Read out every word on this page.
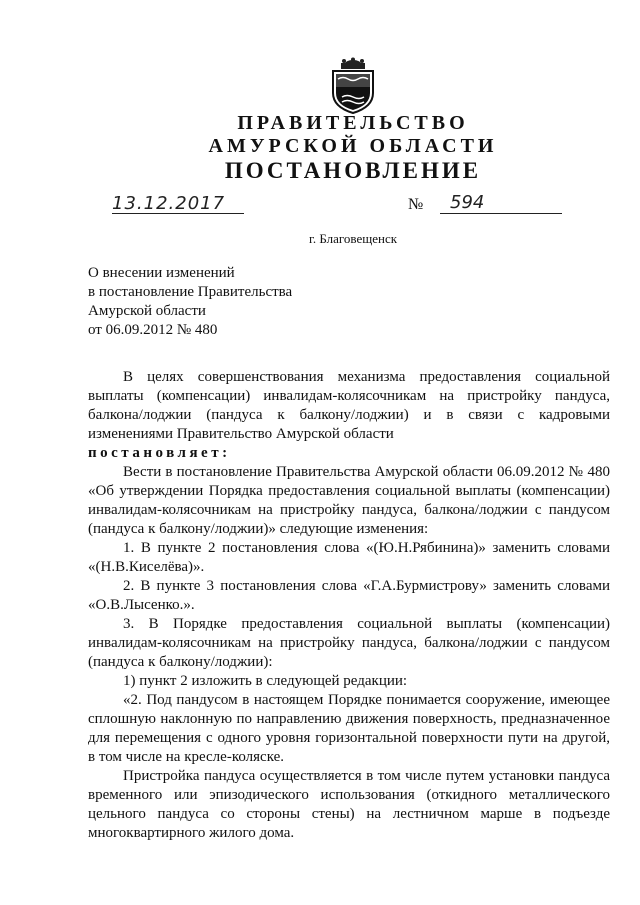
ПРАВИТЕЛЬСТВО
АМУРСКОЙ ОБЛАСТИ
ПОСТАНОВЛЕНИЕ
13.12.2017	№ 594
г. Благовещенск
О внесении изменений
в постановление Правительства
Амурской области
от 06.09.2012 № 480

В целях совершенствования механизма предоставления социальной выплаты (компенсации) инвалидам-колясочникам на пристройку пандуса, балкона/лоджии (пандуса к балкону/лоджии) и в связи с кадровыми изменениями Правительство Амурской области

постановляет:

Вести в постановление Правительства Амурской области 06.09.2012 № 480 «Об утверждении Порядка предоставления социальной выплаты (компенсации) инвалидам-колясочникам на пристройку пандуса, балкона/лоджии с пандусом (пандуса к балкону/лоджии)» следующие изменения:

1. В пункте 2 постановления слова «(Ю.Н.Рябинина)» заменить словами «(Н.В.Киселёва)».

2. В пункте 3 постановления слова «Г.А.Бурмистрову» заменить словами «О.В.Лысенко.».

3. В Порядке предоставления социальной выплаты (компенсации) инвалидам-колясочникам на пристройку пандуса, балкона/лоджии с пандусом (пандуса к балкону/лоджии):

1) пункт 2 изложить в следующей редакции:

«2. Под пандусом в настоящем Порядке понимается сооружение, имеющее сплошную наклонную по направлению движения поверхность, предназначенное для перемещения с одного уровня горизонтальной поверхности пути на другой, в том числе на кресле-коляске.

Пристройка пандуса осуществляется в том числе путем установки пандуса временного или эпизодического использования (откидного металлического цельного пандуса со стороны стены) на лестничном марше в подъезде многоквартирного жилого дома.
